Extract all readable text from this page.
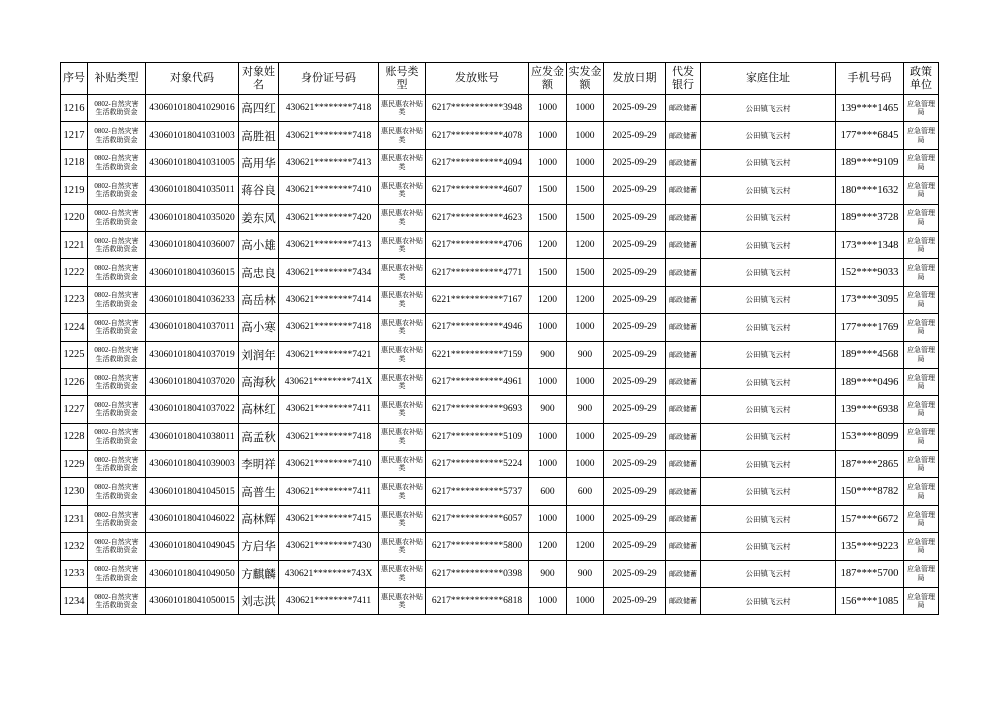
序号	补贴类型	对象代码	对象姓名	身份证号码	账号类型	发放账号	应发金额	实发金额	发放日期	代发银行	家庭住址	手机号码	政策单位
1216	0802-自然灾害生活救助资金	430601018041029016	高四红	430621********7418	惠民惠农补贴类	6217***********3948	1000	1000	2025-09-29	邮政储蓄	公田镇飞云村	139****1465	应急管理局
1217	0802-自然灾害生活救助资金	430601018041031003	高胜祖	430621********7418	惠民惠农补贴类	6217***********4078	1000	1000	2025-09-29	邮政储蓄	公田镇飞云村	177****6845	应急管理局
1218	0802-自然灾害生活救助资金	430601018041031005	高用华	430621********7413	惠民惠农补贴类	6217***********4094	1000	1000	2025-09-29	邮政储蓄	公田镇飞云村	189****9109	应急管理局
1219	0802-自然灾害生活救助资金	430601018041035011	蒋谷良	430621********7410	惠民惠农补贴类	6217***********4607	1500	1500	2025-09-29	邮政储蓄	公田镇飞云村	180****1632	应急管理局
1220	0802-自然灾害生活救助资金	430601018041035020	姜东风	430621********7420	惠民惠农补贴类	6217***********4623	1500	1500	2025-09-29	邮政储蓄	公田镇飞云村	189****3728	应急管理局
1221	0802-自然灾害生活救助资金	430601018041036007	高小雄	430621********7413	惠民惠农补贴类	6217***********4706	1200	1200	2025-09-29	邮政储蓄	公田镇飞云村	173****1348	应急管理局
1222	0802-自然灾害生活救助资金	430601018041036015	高忠良	430621********7434	惠民惠农补贴类	6217***********4771	1500	1500	2025-09-29	邮政储蓄	公田镇飞云村	152****9033	应急管理局
1223	0802-自然灾害生活救助资金	430601018041036233	高岳林	430621********7414	惠民惠农补贴类	6221***********7167	1200	1200	2025-09-29	邮政储蓄	公田镇飞云村	173****3095	应急管理局
1224	0802-自然灾害生活救助资金	430601018041037011	高小寒	430621********7418	惠民惠农补贴类	6217***********4946	1000	1000	2025-09-29	邮政储蓄	公田镇飞云村	177****1769	应急管理局
1225	0802-自然灾害生活救助资金	430601018041037019	刘润年	430621********7421	惠民惠农补贴类	6221***********7159	900	900	2025-09-29	邮政储蓄	公田镇飞云村	189****4568	应急管理局
1226	0802-自然灾害生活救助资金	430601018041037020	高海秋	430621********741X	惠民惠农补贴类	6217***********4961	1000	1000	2025-09-29	邮政储蓄	公田镇飞云村	189****0496	应急管理局
1227	0802-自然灾害生活救助资金	430601018041037022	高林红	430621********7411	惠民惠农补贴类	6217***********9693	900	900	2025-09-29	邮政储蓄	公田镇飞云村	139****6938	应急管理局
1228	0802-自然灾害生活救助资金	430601018041038011	高孟秋	430621********7418	惠民惠农补贴类	6217***********5109	1000	1000	2025-09-29	邮政储蓄	公田镇飞云村	153****8099	应急管理局
1229	0802-自然灾害生活救助资金	430601018041039003	李明祥	430621********7410	惠民惠农补贴类	6217***********5224	1000	1000	2025-09-29	邮政储蓄	公田镇飞云村	187****2865	应急管理局
1230	0802-自然灾害生活救助资金	430601018041045015	高普生	430621********7411	惠民惠农补贴类	6217***********5737	600	600	2025-09-29	邮政储蓄	公田镇飞云村	150****8782	应急管理局
1231	0802-自然灾害生活救助资金	430601018041046022	高林辉	430621********7415	惠民惠农补贴类	6217***********6057	1000	1000	2025-09-29	邮政储蓄	公田镇飞云村	157****6672	应急管理局
1232	0802-自然灾害生活救助资金	430601018041049045	方启华	430621********7430	惠民惠农补贴类	6217***********5800	1200	1200	2025-09-29	邮政储蓄	公田镇飞云村	135****9223	应急管理局
1233	0802-自然灾害生活救助资金	430601018041049050	方麒麟	430621********743X	惠民惠农补贴类	6217***********0398	900	900	2025-09-29	邮政储蓄	公田镇飞云村	187****5700	应急管理局
1234	0802-自然灾害生活救助资金	430601018041050015	刘志洪	430621********7411	惠民惠农补贴类	6217***********6818	1000	1000	2025-09-29	邮政储蓄	公田镇飞云村	156****1085	应急管理局
